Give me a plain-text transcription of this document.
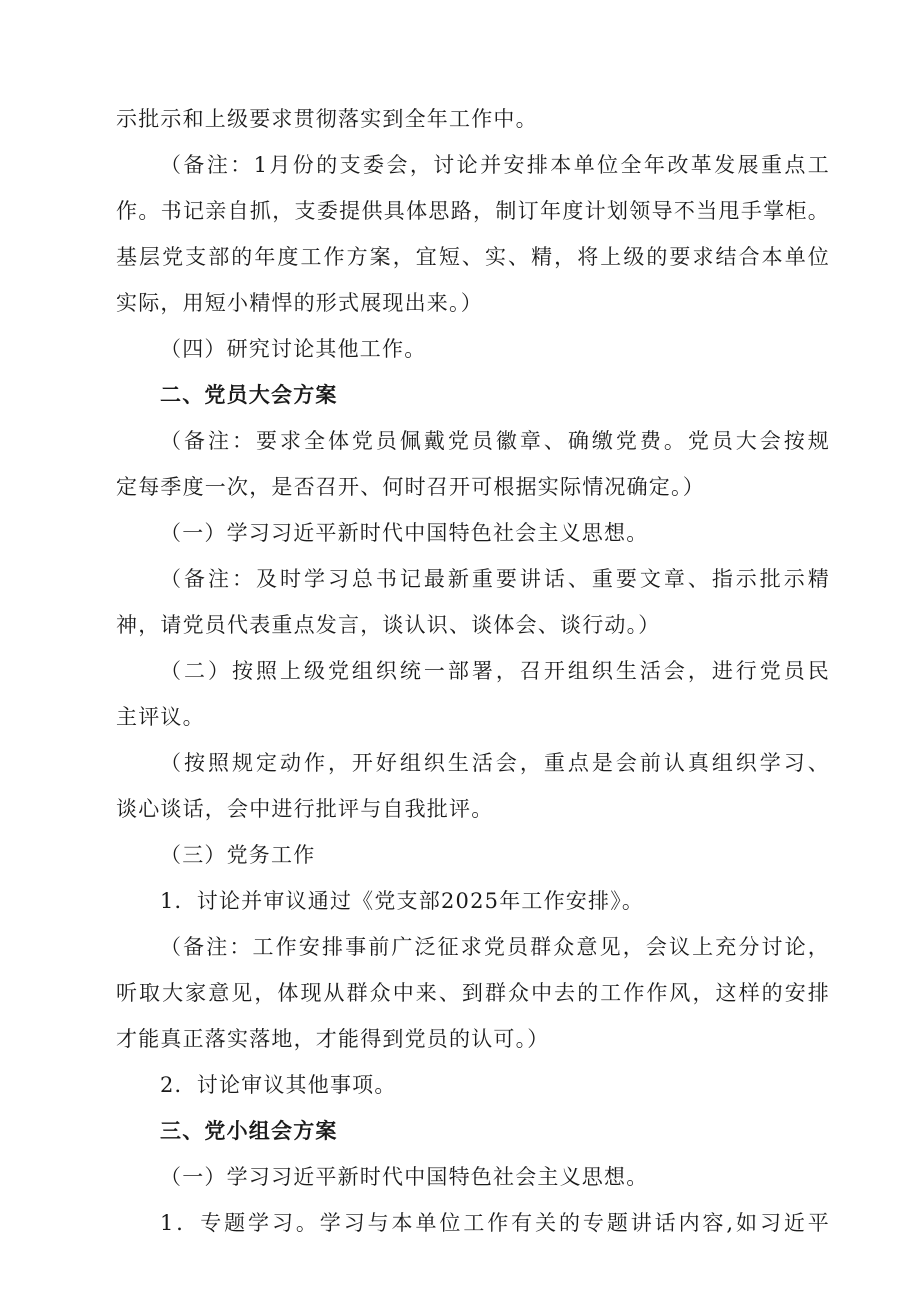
示批示和上级要求贯彻落实到全年工作中。
（备注：1月份的支委会，讨论并安排本单位全年改革发展重点工
作。书记亲自抓，支委提供具体思路，制订年度计划领导不当甩手掌柜。
基层党支部的年度工作方案，宜短、实、精，将上级的要求结合本单位
实际，用短小精悍的形式展现出来。）
（四）研究讨论其他工作。
二、党员大会方案
（备注：要求全体党员佩戴党员徽章、确缴党费。党员大会按规
定每季度一次，是否召开、何时召开可根据实际情况确定。）
（一）学习习近平新时代中国特色社会主义思想。
（备注：及时学习总书记最新重要讲话、重要文章、指示批示精
神，请党员代表重点发言，谈认识、谈体会、谈行动。）
（二）按照上级党组织统一部署，召开组织生活会，进行党员民
主评议。
（按照规定动作，开好组织生活会，重点是会前认真组织学习、
谈心谈话，会中进行批评与自我批评。
（三）党务工作
1．讨论并审议通过《党支部2025年工作安排》。
（备注：工作安排事前广泛征求党员群众意见，会议上充分讨论，
听取大家意见，体现从群众中来、到群众中去的工作作风，这样的安排
才能真正落实落地，才能得到党员的认可。）
2．讨论审议其他事项。
三、党小组会方案
（一）学习习近平新时代中国特色社会主义思想。
1．专题学习。学习与本单位工作有关的专题讲话内容,如习近平
